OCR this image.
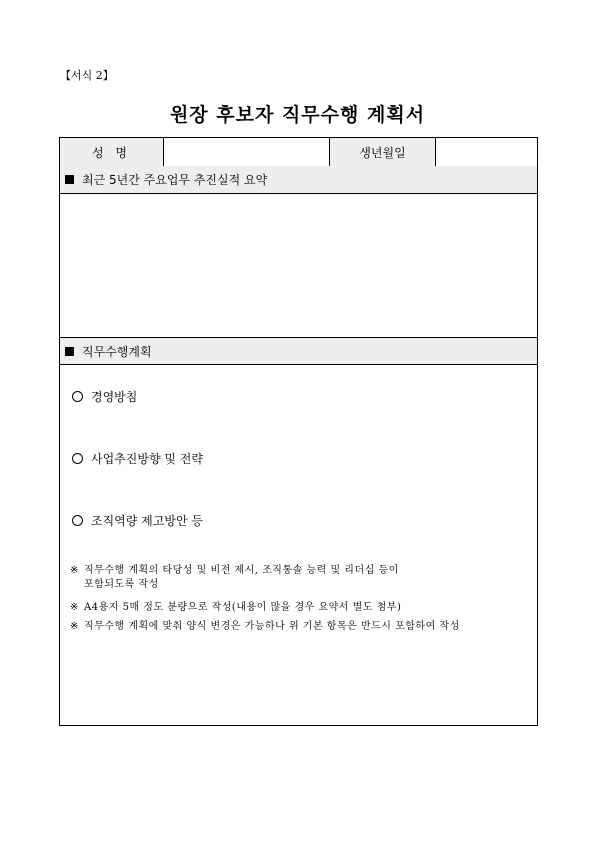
【서식 2】
원장 후보자 직무수행 계획서
성 명	생년월일
최근 5년간 주요업무 추진실적 요약
직무수행계획
경영방침
사업추진방향 및 전략
조직역량 제고방안 등
※ 직무수행 계획의 타당성 및 비전 제시, 조직통솔 능력 및 리더십 등이
포함되도록 작성
※ A4용지 5매 정도 분량으로 작성(내용이 많을 경우 요약서 별도 첨부)
※ 직무수행 계획에 맞춰 양식 변경은 가능하나 위 기본 항목은 반드시 포함하여 작성
